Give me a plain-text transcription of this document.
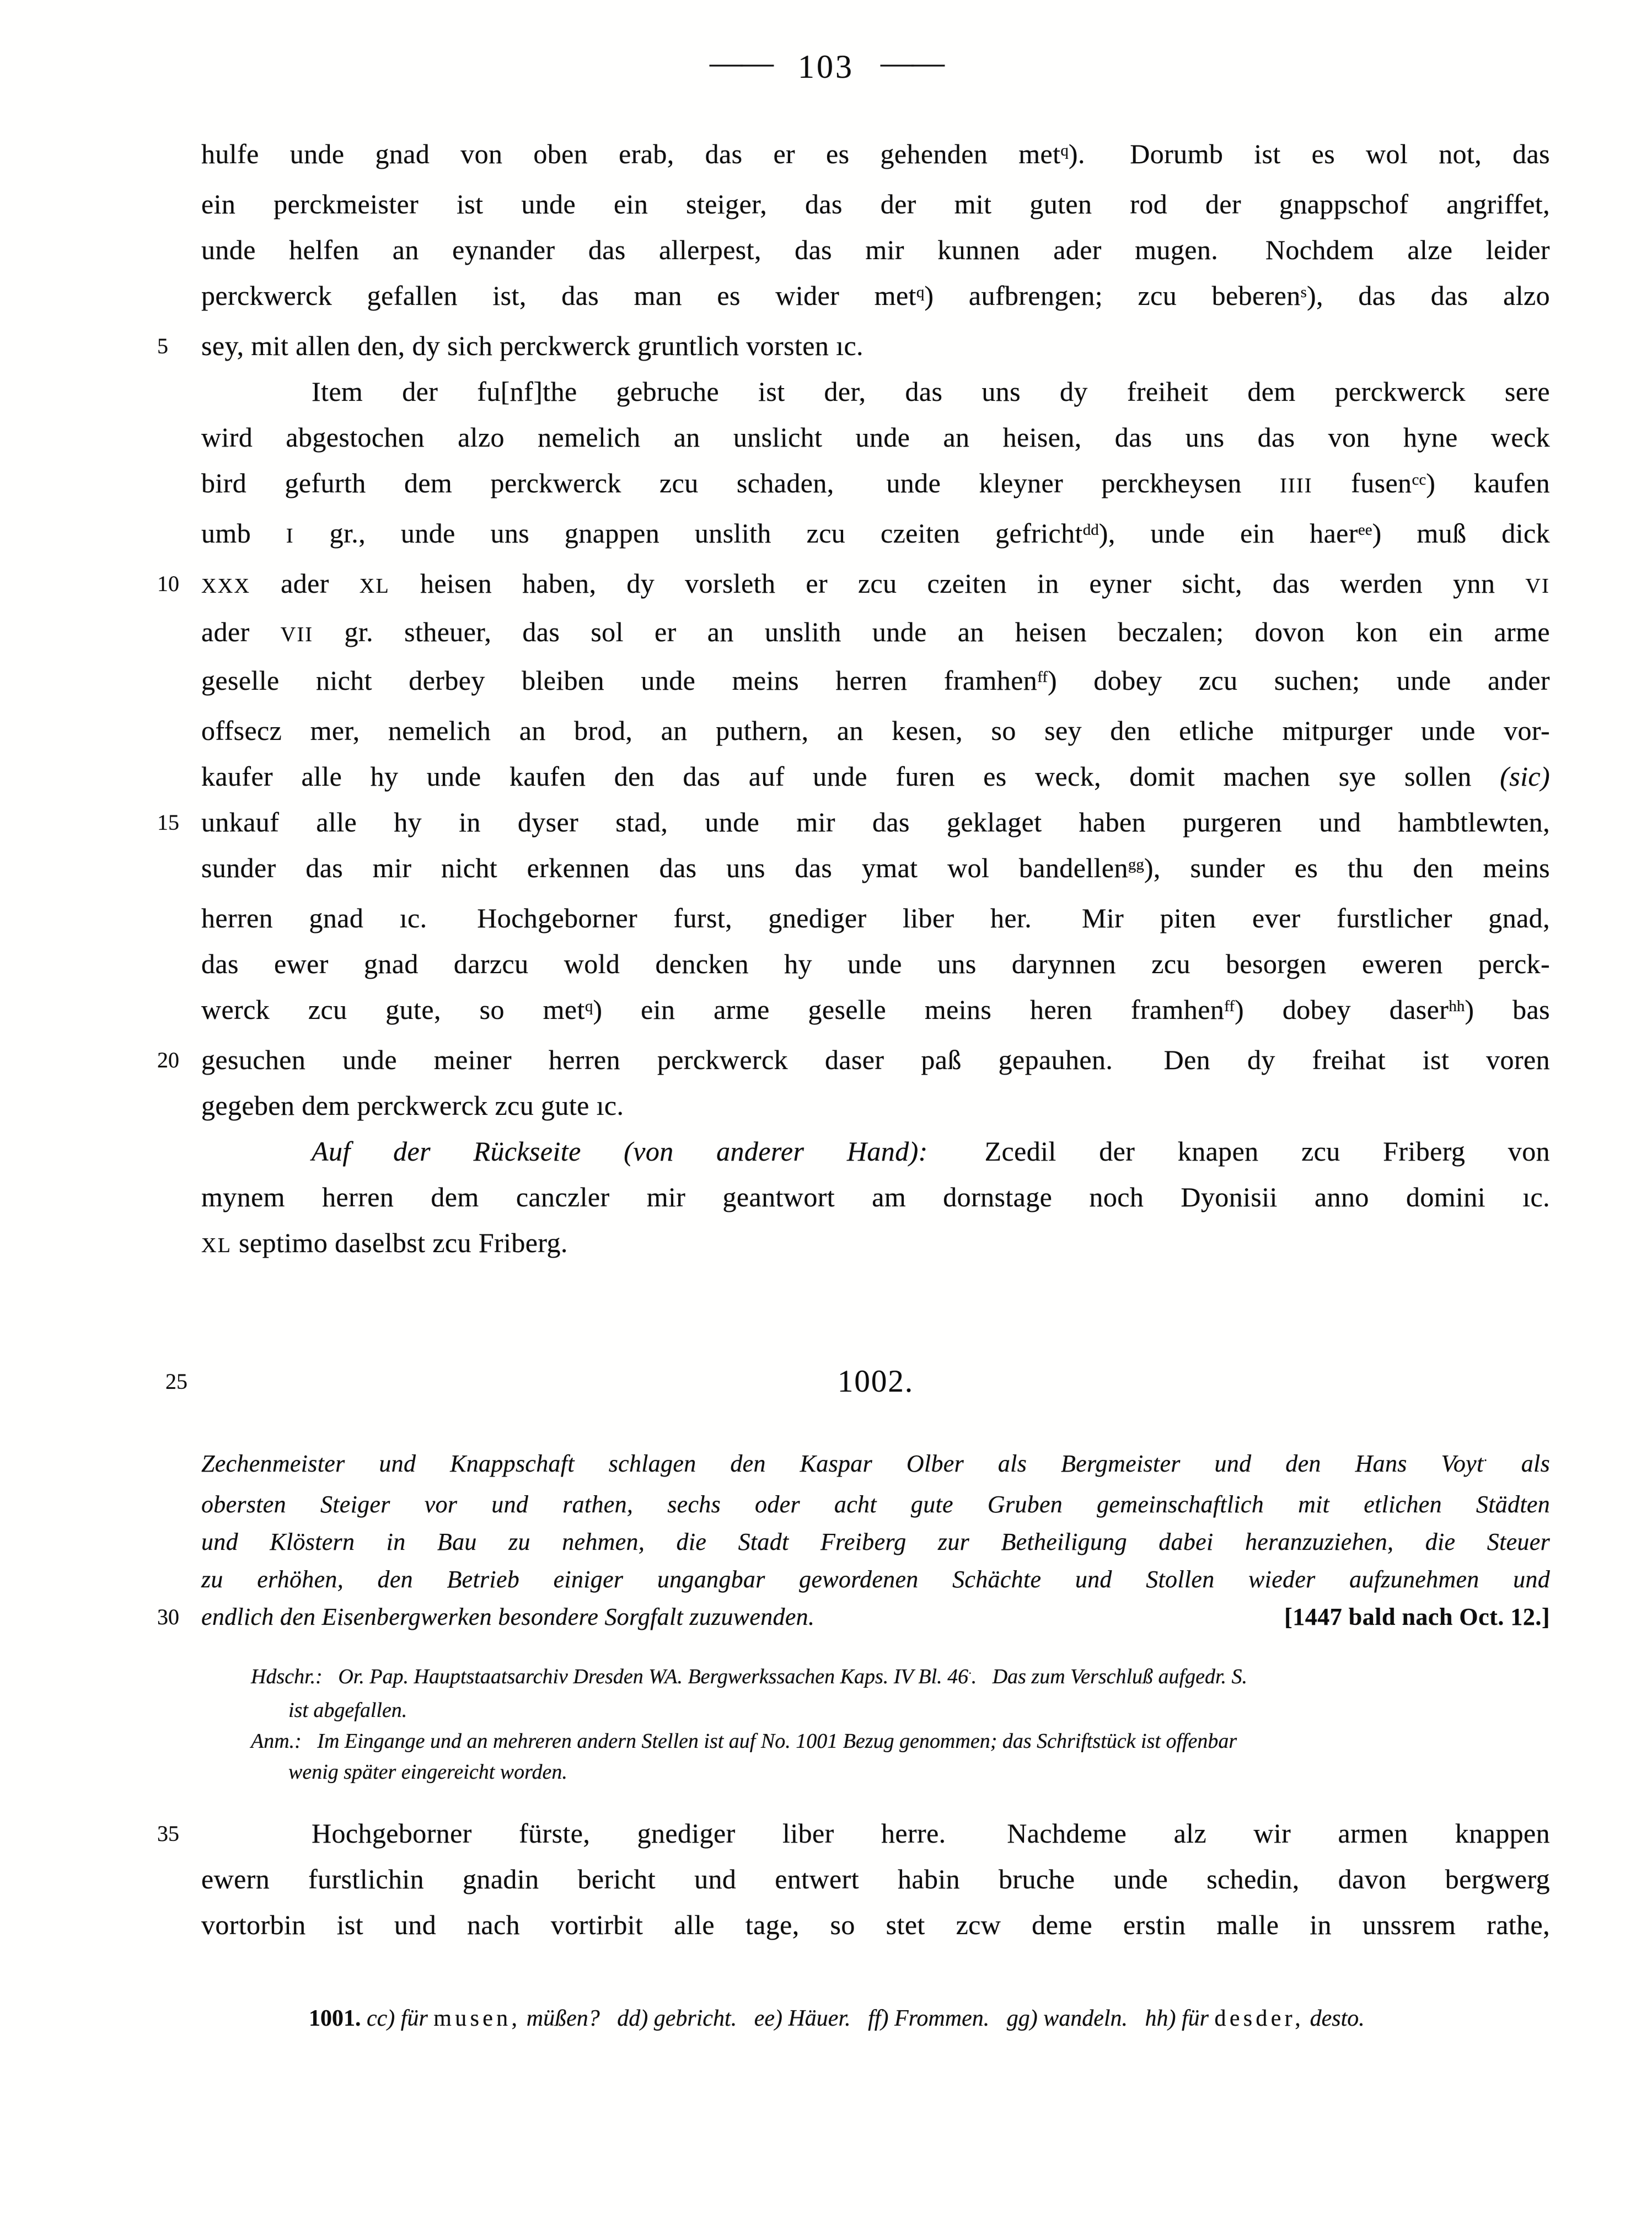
—— 103 ——
hulfe unde gnad von oben erab, das er es gehenden met$^q$).  Dorumb ist es wol not, das
ein perckmeister ist unde ein steiger, das der mit guten rod der gnappschof angriffet,
unde helfen an eynander das allerpest, das mir kunnen ader mugen.  Nochdem alze leider
perckwerck gefallen ist, das man es wider met$^q$) aufbrengen; zcu beberen$^s$), das das alzo
5	sey, mit allen den, dy sich perckwerck gruntlich vorsten ıc.
Item der fu[nf]the gebruche ist der, das uns dy freiheit dem perckwerck sere
wird abgestochen alzo nemelich an unslicht unde an heisen, das uns das von hyne weck
bird gefurth dem perckwerck zcu schaden,  unde kleyner perckheysen IIII fusen$^{cc}$) kaufen
umb I gr., unde uns gnappen unslith zcu czeiten gefricht$^{dd}$), unde ein haer$^{ee}$) muß dick
10	XXX ader XL heisen haben, dy vorsleth er zcu czeiten in eyner sicht, das werden ynn VI
ader VII gr. stheuer, das sol er an unslith unde an heisen beczalen; dovon kon ein arme
geselle nicht derbey bleiben unde meins herren framhen$^{ff}$) dobey zcu suchen; unde ander
offsecz mer, nemelich an brod, an puthern, an kesen, so sey den etliche mitpurger unde vor-
kaufer alle hy unde kaufen den das auf unde furen es weck, domit machen sye sollen (sic)
15 unkauf alle hy in dyser stad, unde mir das geklaget haben purgeren und hambtlewten,
sunder das mir nicht erkennen das uns das ymat wol bandellen$^{gg}$), sunder es thu den meins
herren gnad ıc.  Hochgeborner furst, gnediger liber her.  Mir piten ever furstlicher gnad,
das ewer gnad darzcu wold dencken hy unde uns darynnen zcu besorgen eweren perck-
werck zcu gute, so met$^q$) ein arme geselle meins heren framhen$^{ff}$) dobey daser$^{hh}$) bas
20 gesuchen unde meiner herren perckwerck daser paß gepauhen.  Den dy freihat ist voren
gegeben dem perckwerck zcu gute ıc.
Auf der Rückseite (von anderer Hand):  Zcedil der knapen zcu Friberg von
mynem herren dem canczler mir geantwort am dornstage noch Dyonisii anno domini ıc.
XL septimo daselbst zcu Friberg.
25	1002.
Zechenmeister und Knappschaft schlagen den Kaspar Olber als Bergmeister und den Hans Voyt· als
obersten Steiger vor und rathen, sechs oder acht gute Gruben gemeinschaftlich mit etlichen Städten
und Klöstern in Bau zu nehmen, die Stadt Freiberg zur Betheiligung dabei heranzuziehen, die Steuer
zu erhöhen, den Betrieb einiger ungangbar gewordenen Schächte und Stollen wieder aufzunehmen und
30 endlich den Eisenbergwerken besondere Sorgfalt zuzuwenden.	[1447 bald nach Oct. 12.]
Hdschr.:  Or. Pap. Hauptstaatsarchiv Dresden WA. Bergwerkssachen Kaps. IV Bl. 46·.  Das zum Verschluß aufgedr. S.
ist abgefallen.
Anm.:  Im Eingange und an mehreren andern Stellen ist auf No. 1001 Bezug genommen; das Schriftstück ist offenbar
wenig später eingereicht worden.
35	Hochgeborner fürste, gnediger liber herre.  Nachdeme alz wir armen knappen
ewern furstlichin gnadin bericht und entwert habin bruche unde schedin, davon bergwerg
vortorbin ist und nach vortirbit alle tage, so stet zcw deme erstin malle in unssrem rathe,
1001. cc) für musen, müßen?   dd) gebricht.   ee) Häuer.   ff) Frommen.   gg) wandeln.   hh) für desder, desto.
